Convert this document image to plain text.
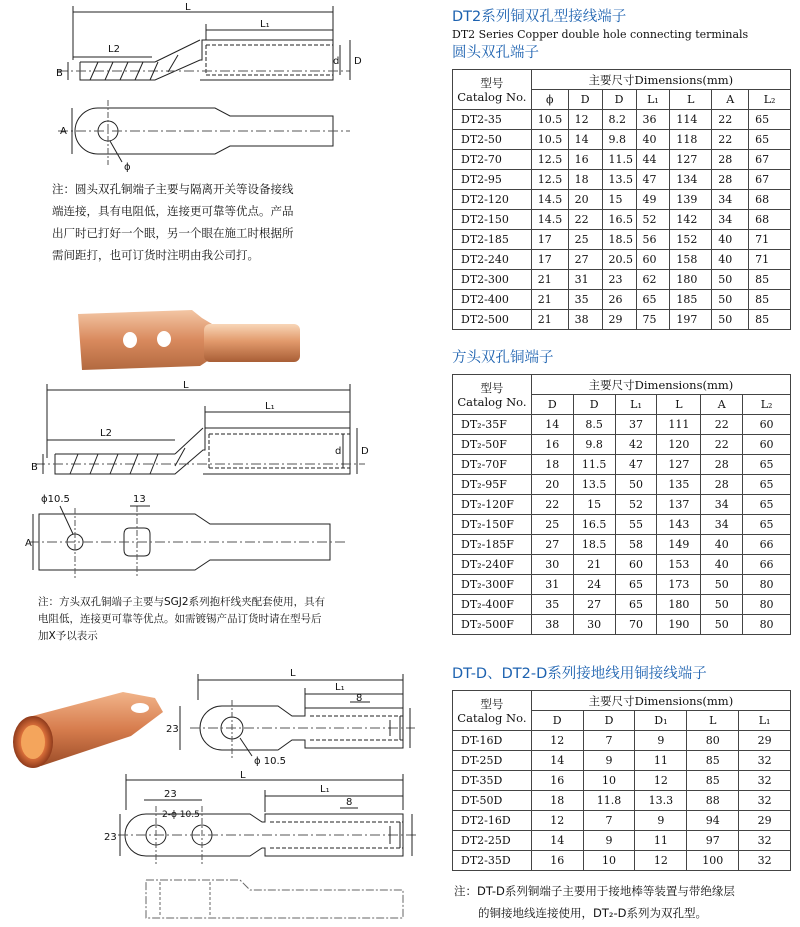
DT2系列铜双孔型接线端子
DT2 Series Copper double hole connecting terminals
圆头双孔端子
型号
Catalog No.	主要尺寸Dimensions(mm)						
	ϕ	D	D	L₁	L	A	L₂
DT2-35	10.5	12	8.2	36	114	22	65
DT2-50	10.5	14	9.8	40	118	22	65
DT2-70	12.5	16	11.5	44	127	28	67
DT2-95	12.5	18	13.5	47	134	28	67
DT2-120	14.5	20	15	49	139	34	68
DT2-150	14.5	22	16.5	52	142	34	68
DT2-185	17	25	18.5	56	152	40	71
DT2-240	17	27	20.5	60	158	40	71
DT2-300	21	31	23	62	180	50	85
DT2-400	21	35	26	65	185	50	85
DT2-500	21	38	29	75	197	50	85
方头双孔铜端子
型号
Catalog No.	主要尺寸Dimensions(mm)					
	D	D	L₁	L	A	L₂
DT₂-35F	14	8.5	37	111	22	60
DT₂-50F	16	9.8	42	120	22	60
DT₂-70F	18	11.5	47	127	28	65
DT₂-95F	20	13.5	50	135	28	65
DT₂-120F	22	15	52	137	34	65
DT₂-150F	25	16.5	55	143	34	65
DT₂-185F	27	18.5	58	149	40	66
DT₂-240F	30	21	60	153	40	66
DT₂-300F	31	24	65	173	50	80
DT₂-400F	35	27	65	180	50	80
DT₂-500F	38	30	70	190	50	80
DT-D、DT2-D系列接地线用铜接线端子
型号
Catalog No.	主要尺寸Dimensions(mm)				
	D	D	D₁	L	L₁
DT-16D	12	7	9	80	29
DT-25D	14	9	11	85	32
DT-35D	16	10	12	85	32
DT-50D	18	11.8	13.3	88	32
DT2-16D	12	7	9	94	29
DT2-25D	14	9	11	97	32
DT2-35D	16	10	12	100	32
注：DT-D系列铜端子主要用于接地棒等装置与带绝缘层
的铜接地线连接使用，DT₂-D系列为双孔型。
注：圆头双孔铜端子主要与隔离开关等设备接线
端连接，具有电阻低，连接更可靠等优点。产品
出厂时已打好一个眼，另一个眼在施工时根据所
需间距打，也可订货时注明由我公司打。
注：方头双孔铜端子主要与SGJ2系列抱杆线夹配套使用，具有
电阻低，连接更可靠等优点。如需镀锡产品订货时请在型号后
加X予以表示
L
L₁
L2
B
d D
A
ϕ
L
L₁
L2
B
d D
ϕ10.5	13
A
L
L₁
8
23
ϕ 10.5
L
L₁
23
2-ϕ 10.5
8
23
